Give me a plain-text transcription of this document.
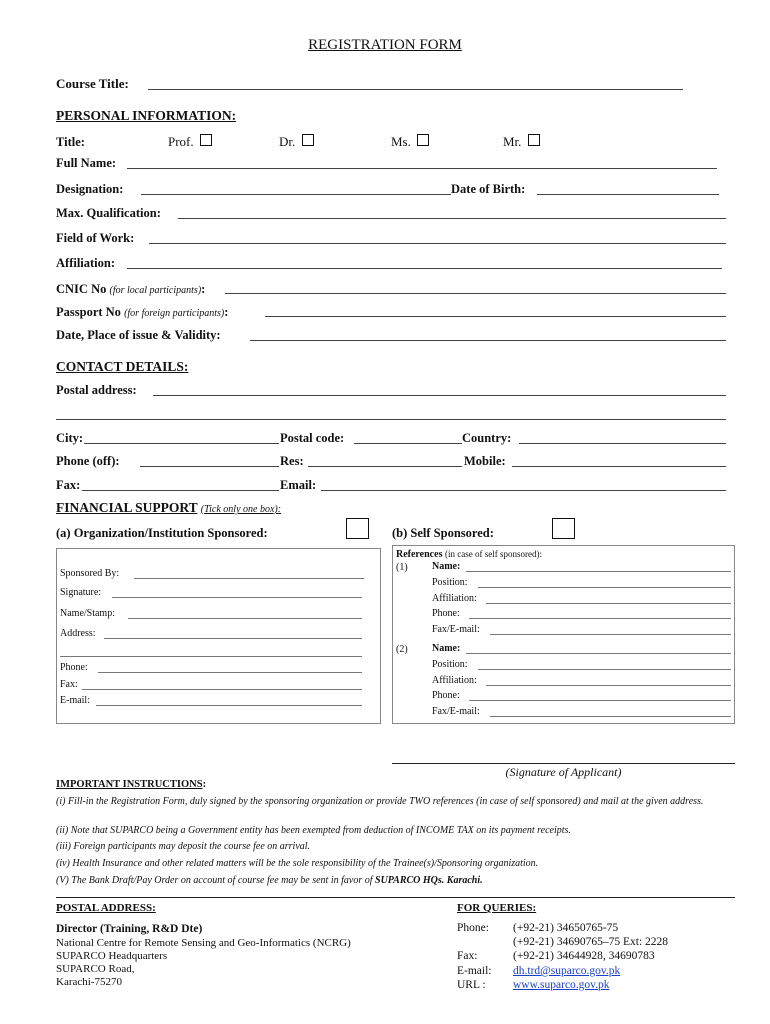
REGISTRATION FORM
Course Title:
PERSONAL INFORMATION:
Title:	Prof.	Dr.	Ms.	Mr.
Full Name:
Designation:	Date of Birth:
Max. Qualification:
Field of Work:
Affiliation:
CNIC No (for local participants):
Passport No (for foreign participants):
Date, Place of issue & Validity:
CONTACT DETAILS:
Postal address:
City:	Postal code:	Country:
Phone (off):	Res:	Mobile:
Fax:	Email:
FINANCIAL SUPPORT (Tick only one box):
(a) Organization/Institution Sponsored:	(b) Self Sponsored:
Sponsored By:
Signature:
Name/Stamp:
Address:
Phone:
Fax:
E-mail:
References (in case of self sponsored):
(1) Name:
Position:
Affiliation:
Phone:
Fax/E-mail:
(2) Name:
Position:
Affiliation:
Phone:
Fax/E-mail:
(Signature of Applicant)
IMPORTANT INSTRUCTIONS:
(i) Fill-in the Registration Form, duly signed by the sponsoring organization or provide TWO references (in case of self sponsored) and mail at the given address.
(ii) Note that SUPARCO being a Government entity has been exempted from deduction of INCOME TAX on its payment receipts.
(iii) Foreign participants may deposit the course fee on arrival.
(iv) Health Insurance and other related matters will be the sole responsibility of the Trainee(s)/Sponsoring organization.
(V) The Bank Draft/Pay Order on account of course fee may be sent in favor of SUPARCO HQs. Karachi.
POSTAL ADDRESS:
Director (Training, R&D Dte)
National Centre for Remote Sensing and Geo-Informatics (NCRG)
SUPARCO Headquarters
SUPARCO Road,
Karachi-75270
FOR QUERIES:
Phone: (+92-21) 34650765-75
(+92-21) 34690765–75 Ext: 2228
Fax:	(+92-21) 34644928, 34690783
E-mail: dh.trd@suparco.gov.pk
URL : www.suparco.gov.pk
